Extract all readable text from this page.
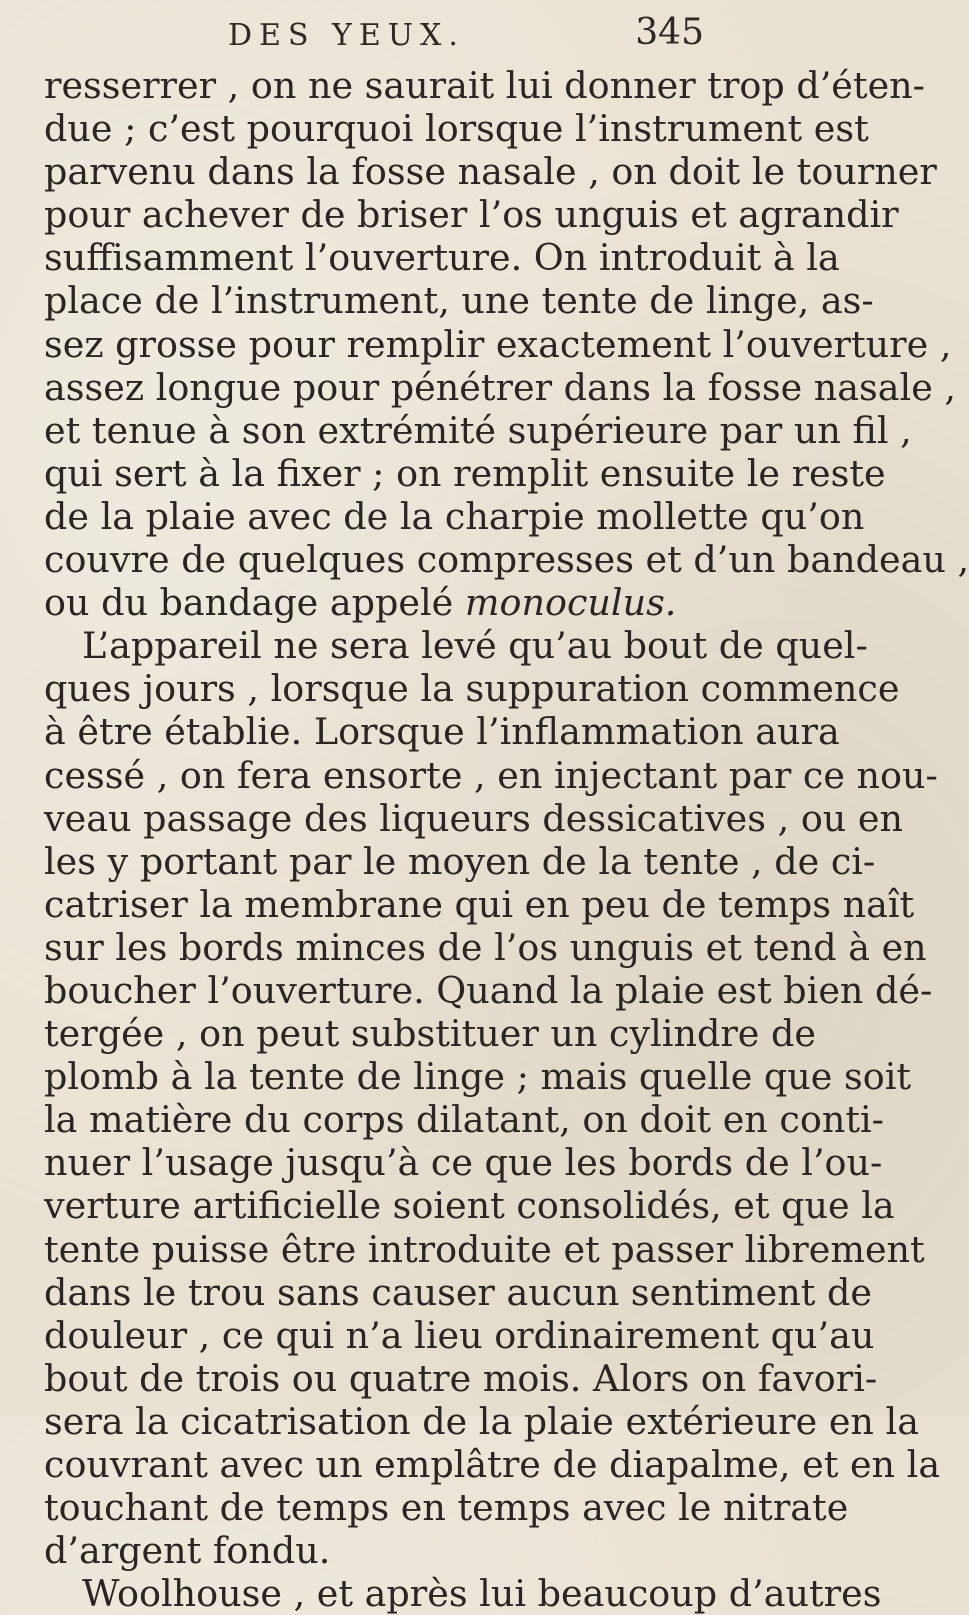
DES YEUX.	345
resserrer , on ne saurait lui donner trop d’éten-
due ; c’est pourquoi lorsque l’instrument est
parvenu dans la fosse nasale , on doit le tourner
pour achever de briser l’os unguis et agrandir
suffisamment l’ouverture. On introduit à la
place de l’instrument, une tente de linge, as-
sez grosse pour remplir exactement l’ouverture ,
assez longue pour pénétrer dans la fosse nasale ,
et tenue à son extrémité supérieure par un fil ,
qui sert à la fixer ; on remplit ensuite le reste
de la plaie avec de la charpie mollette qu’on
couvre de quelques compresses et d’un bandeau ,
ou du bandage appelé monoculus.
L’appareil ne sera levé qu’au bout de quel-
ques jours , lorsque la suppuration commence
à être établie. Lorsque l’inflammation aura
cessé , on fera ensorte , en injectant par ce nou-
veau passage des liqueurs dessicatives , ou en
les y portant par le moyen de la tente , de ci-
catriser la membrane qui en peu de temps naît
sur les bords minces de l’os unguis et tend à en
boucher l’ouverture. Quand la plaie est bien dé-
tergée , on peut substituer un cylindre de
plomb à la tente de linge ; mais quelle que soit
la matière du corps dilatant, on doit en conti-
nuer l’usage jusqu’à ce que les bords de l’ou-
verture artificielle soient consolidés, et que la
tente puisse être introduite et passer librement
dans le trou sans causer aucun sentiment de
douleur , ce qui n’a lieu ordinairement qu’au
bout de trois ou quatre mois. Alors on favori-
sera la cicatrisation de la plaie extérieure en la
couvrant avec un emplâtre de diapalme, et en la
touchant de temps en temps avec le nitrate
d’argent fondu.
Woolhouse , et après lui beaucoup d’autres
